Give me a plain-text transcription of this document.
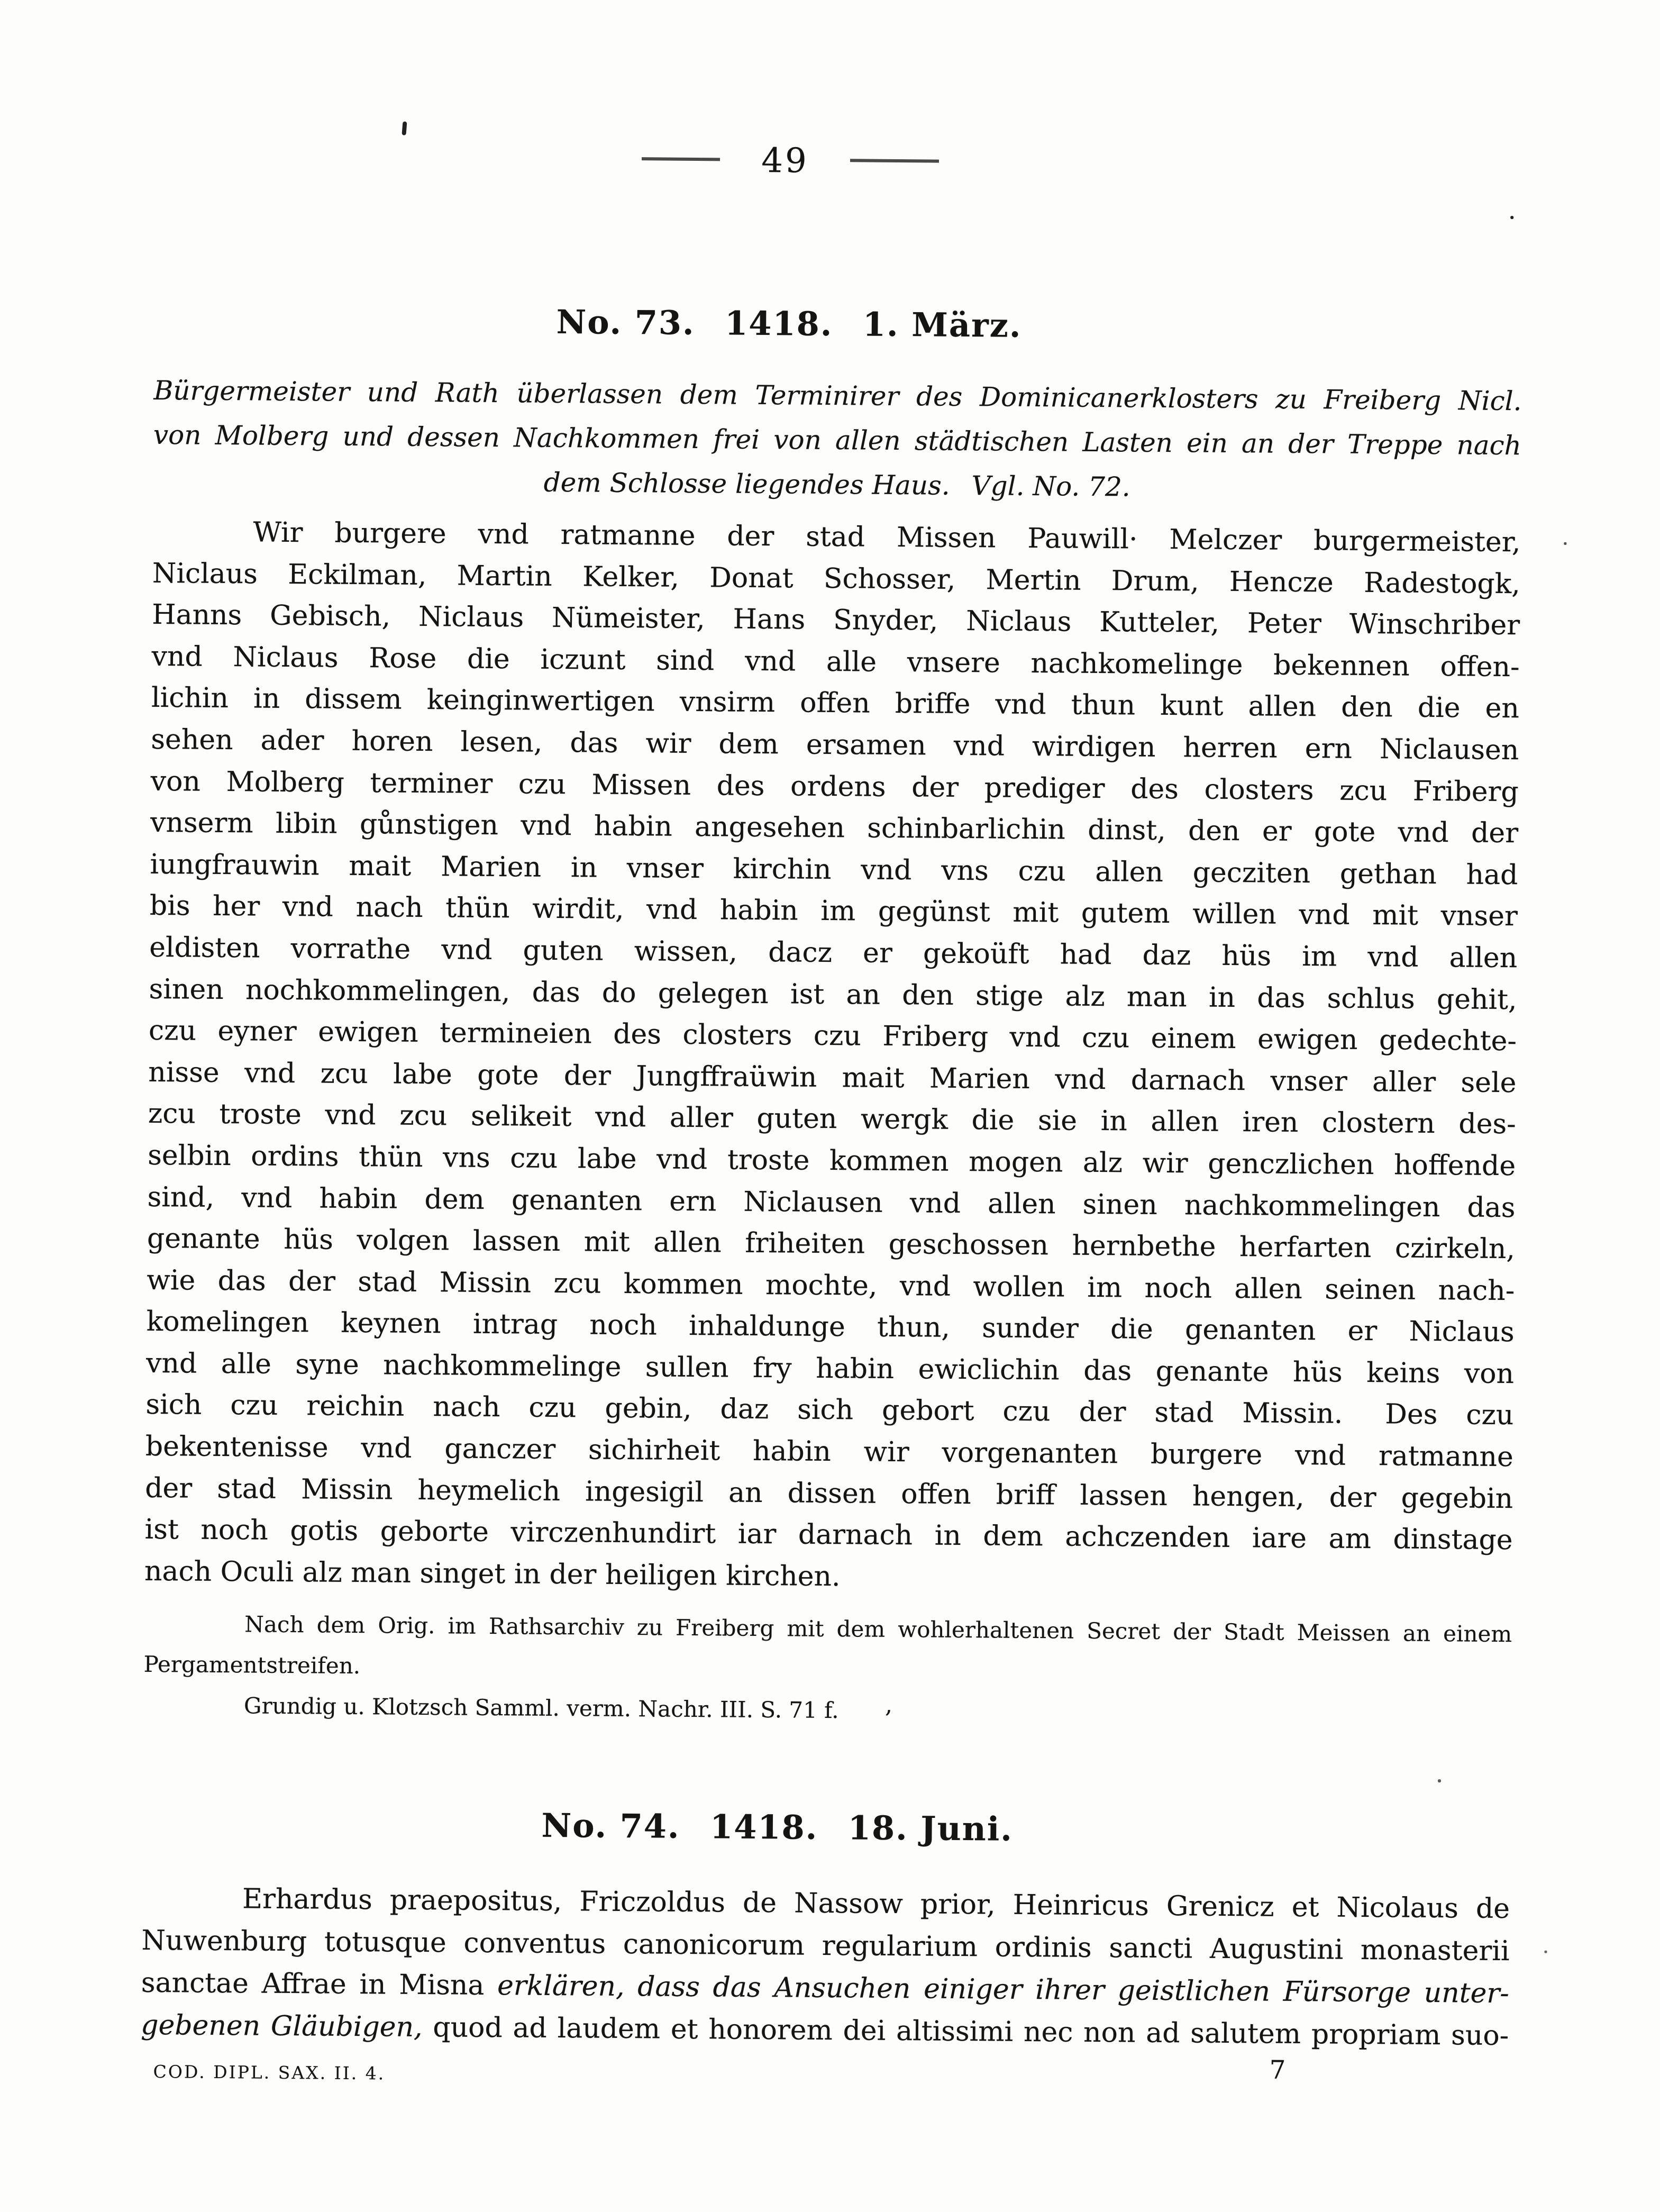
49
No. 73.  1418.  1. März.
Bürgermeister und Rath überlassen dem Terminirer des Dominicanerklosters zu Freiberg Nicl.
von Molberg und dessen Nachkommen frei von allen städtischen Lasten ein an der Treppe nach
dem Schlosse liegendes Haus.  Vgl. No. 72.
Wir burgere vnd ratmanne der stad Missen Pauwill· Melczer burgermeister,
Niclaus Eckilman, Martin Kelker, Donat Schosser, Mertin Drum, Hencze Radestogk,
Hanns Gebisch, Niclaus Nümeister, Hans Snyder, Niclaus Kutteler, Peter Winschriber
vnd Niclaus Rose die iczunt sind vnd alle vnsere nachkomelinge bekennen offen-
lichin in dissem keinginwertigen vnsirm offen briffe vnd thun kunt allen den die en
sehen ader horen lesen, das wir dem ersamen vnd wirdigen herren ern Niclausen
von Molberg terminer czu Missen des ordens der prediger des closters zcu Friberg
vnserm libin gůnstigen vnd habin angesehen schinbarlichin dinst, den er gote vnd der
iungfrauwin mait Marien in vnser kirchin vnd vns czu allen gecziten gethan had
bis her vnd nach thün wirdit, vnd habin im gegünst mit gutem willen vnd mit vnser
eldisten vorrathe vnd guten wissen, dacz er gekoüft had daz hüs im vnd allen
sinen nochkommelingen, das do gelegen ist an den stige alz man in das schlus gehit,
czu eyner ewigen termineien des closters czu Friberg vnd czu einem ewigen gedechte-
nisse vnd zcu labe gote der Jungffraüwin mait Marien vnd darnach vnser aller sele
zcu troste vnd zcu selikeit vnd aller guten wergk die sie in allen iren clostern des-
selbin ordins thün vns czu labe vnd troste kommen mogen alz wir genczlichen hoffende
sind, vnd habin dem genanten ern Niclausen vnd allen sinen nachkommelingen das
genante hüs volgen lassen mit allen friheiten geschossen hernbethe herfarten czirkeln,
wie das der stad Missin zcu kommen mochte, vnd wollen im noch allen seinen nach-
komelingen keynen intrag noch inhaldunge thun, sunder die genanten er Niclaus
vnd alle syne nachkommelinge sullen fry habin ewiclichin das genante hüs keins von
sich czu reichin nach czu gebin, daz sich gebort czu der stad Missin.  Des czu
bekentenisse vnd ganczer sichirheit habin wir vorgenanten burgere vnd ratmanne
der stad Missin heymelich ingesigil an dissen offen briff lassen hengen, der gegebin
ist noch gotis geborte virczenhundirt iar darnach in dem achczenden iare am dinstage
nach Oculi alz man singet in der heiligen kirchen.
Nach dem Orig. im Rathsarchiv zu Freiberg mit dem wohlerhaltenen Secret der Stadt Meissen an einem
Pergamentstreifen.
Grundig u. Klotzsch Samml. verm. Nachr. III. S. 71 f.	,
No. 74.  1418.  18. Juni.
Erhardus praepositus, Friczoldus de Nassow prior, Heinricus Grenicz et Nicolaus de
Nuwenburg totusque conventus canonicorum regularium ordinis sancti Augustini monasterii
sanctae Affrae in Misna erklären, dass das Ansuchen einiger ihrer geistlichen Fürsorge unter-
gebenen Gläubigen, quod ad laudem et honorem dei altissimi nec non ad salutem propriam suo-
COD. DIPL. SAX. II. 4.	7
